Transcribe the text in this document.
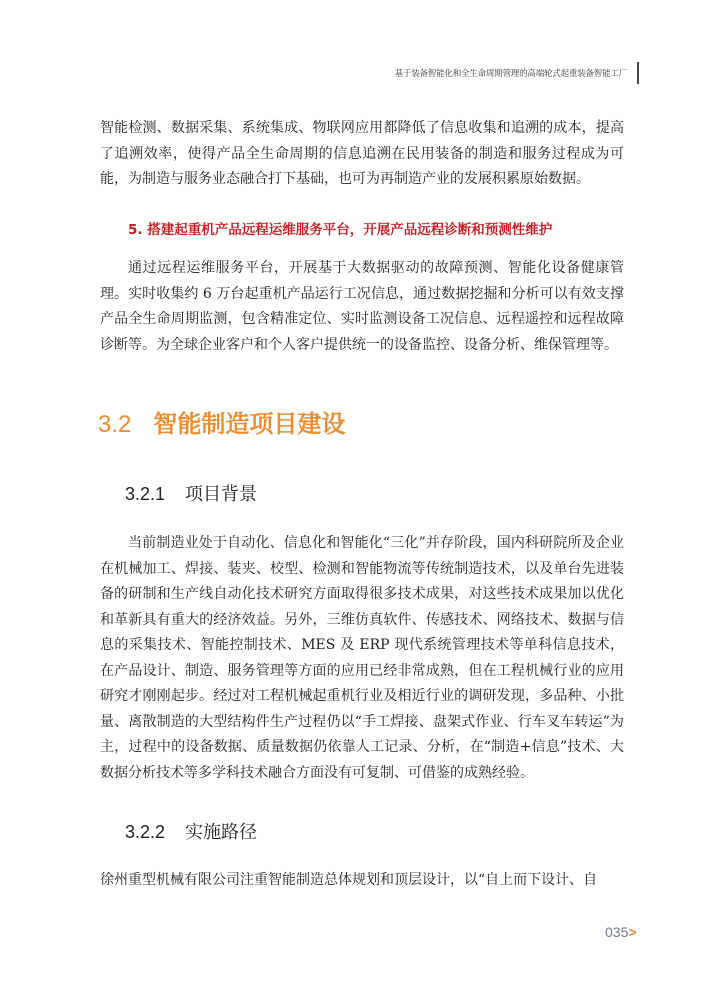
基于装备智能化和全生命周期管理的高端轮式起重装备智能工厂

智能检测、数据采集、系统集成、物联网应用都降低了信息收集和追溯的成本，提高了追溯效率，使得产品全生命周期的信息追溯在民用装备的制造和服务过程成为可能，为制造与服务业态融合打下基础，也可为再制造产业的发展积累原始数据。

5. 搭建起重机产品远程运维服务平台，开展产品远程诊断和预测性维护

通过远程运维服务平台，开展基于大数据驱动的故障预测、智能化设备健康管理。实时收集约 6 万台起重机产品运行工况信息，通过数据挖掘和分析可以有效支撑产品全生命周期监测，包含精准定位、实时监测设备工况信息、远程遥控和远程故障诊断等。为全球企业客户和个人客户提供统一的设备监控、设备分析、维保管理等。

3.2 智能制造项目建设
3.2.1 项目背景

当前制造业处于自动化、信息化和智能化“三化”并存阶段，国内科研院所及企业在机械加工、焊接、装夹、校型、检测和智能物流等传统制造技术，以及单台先进装备的研制和生产线自动化技术研究方面取得很多技术成果，对这些技术成果加以优化和革新具有重大的经济效益。另外，三维仿真软件、传感技术、网络技术、数据与信息的采集技术、智能控制技术、MES 及 ERP 现代系统管理技术等单科信息技术，在产品设计、制造、服务管理等方面的应用已经非常成熟，但在工程机械行业的应用研究才刚刚起步。经过对工程机械起重机行业及相近行业的调研发现，多品种、小批量、离散制造的大型结构件生产过程仍以“手工焊接、盘架式作业、行车叉车转运”为主，过程中的设备数据、质量数据仍依靠人工记录、分析，在“制造+信息”技术、大数据分析技术等多学科技术融合方面没有可复制、可借鉴的成熟经验。

3.2.2 实施路径

徐州重型机械有限公司注重智能制造总体规划和顶层设计，以“自上而下设计、自

035>
